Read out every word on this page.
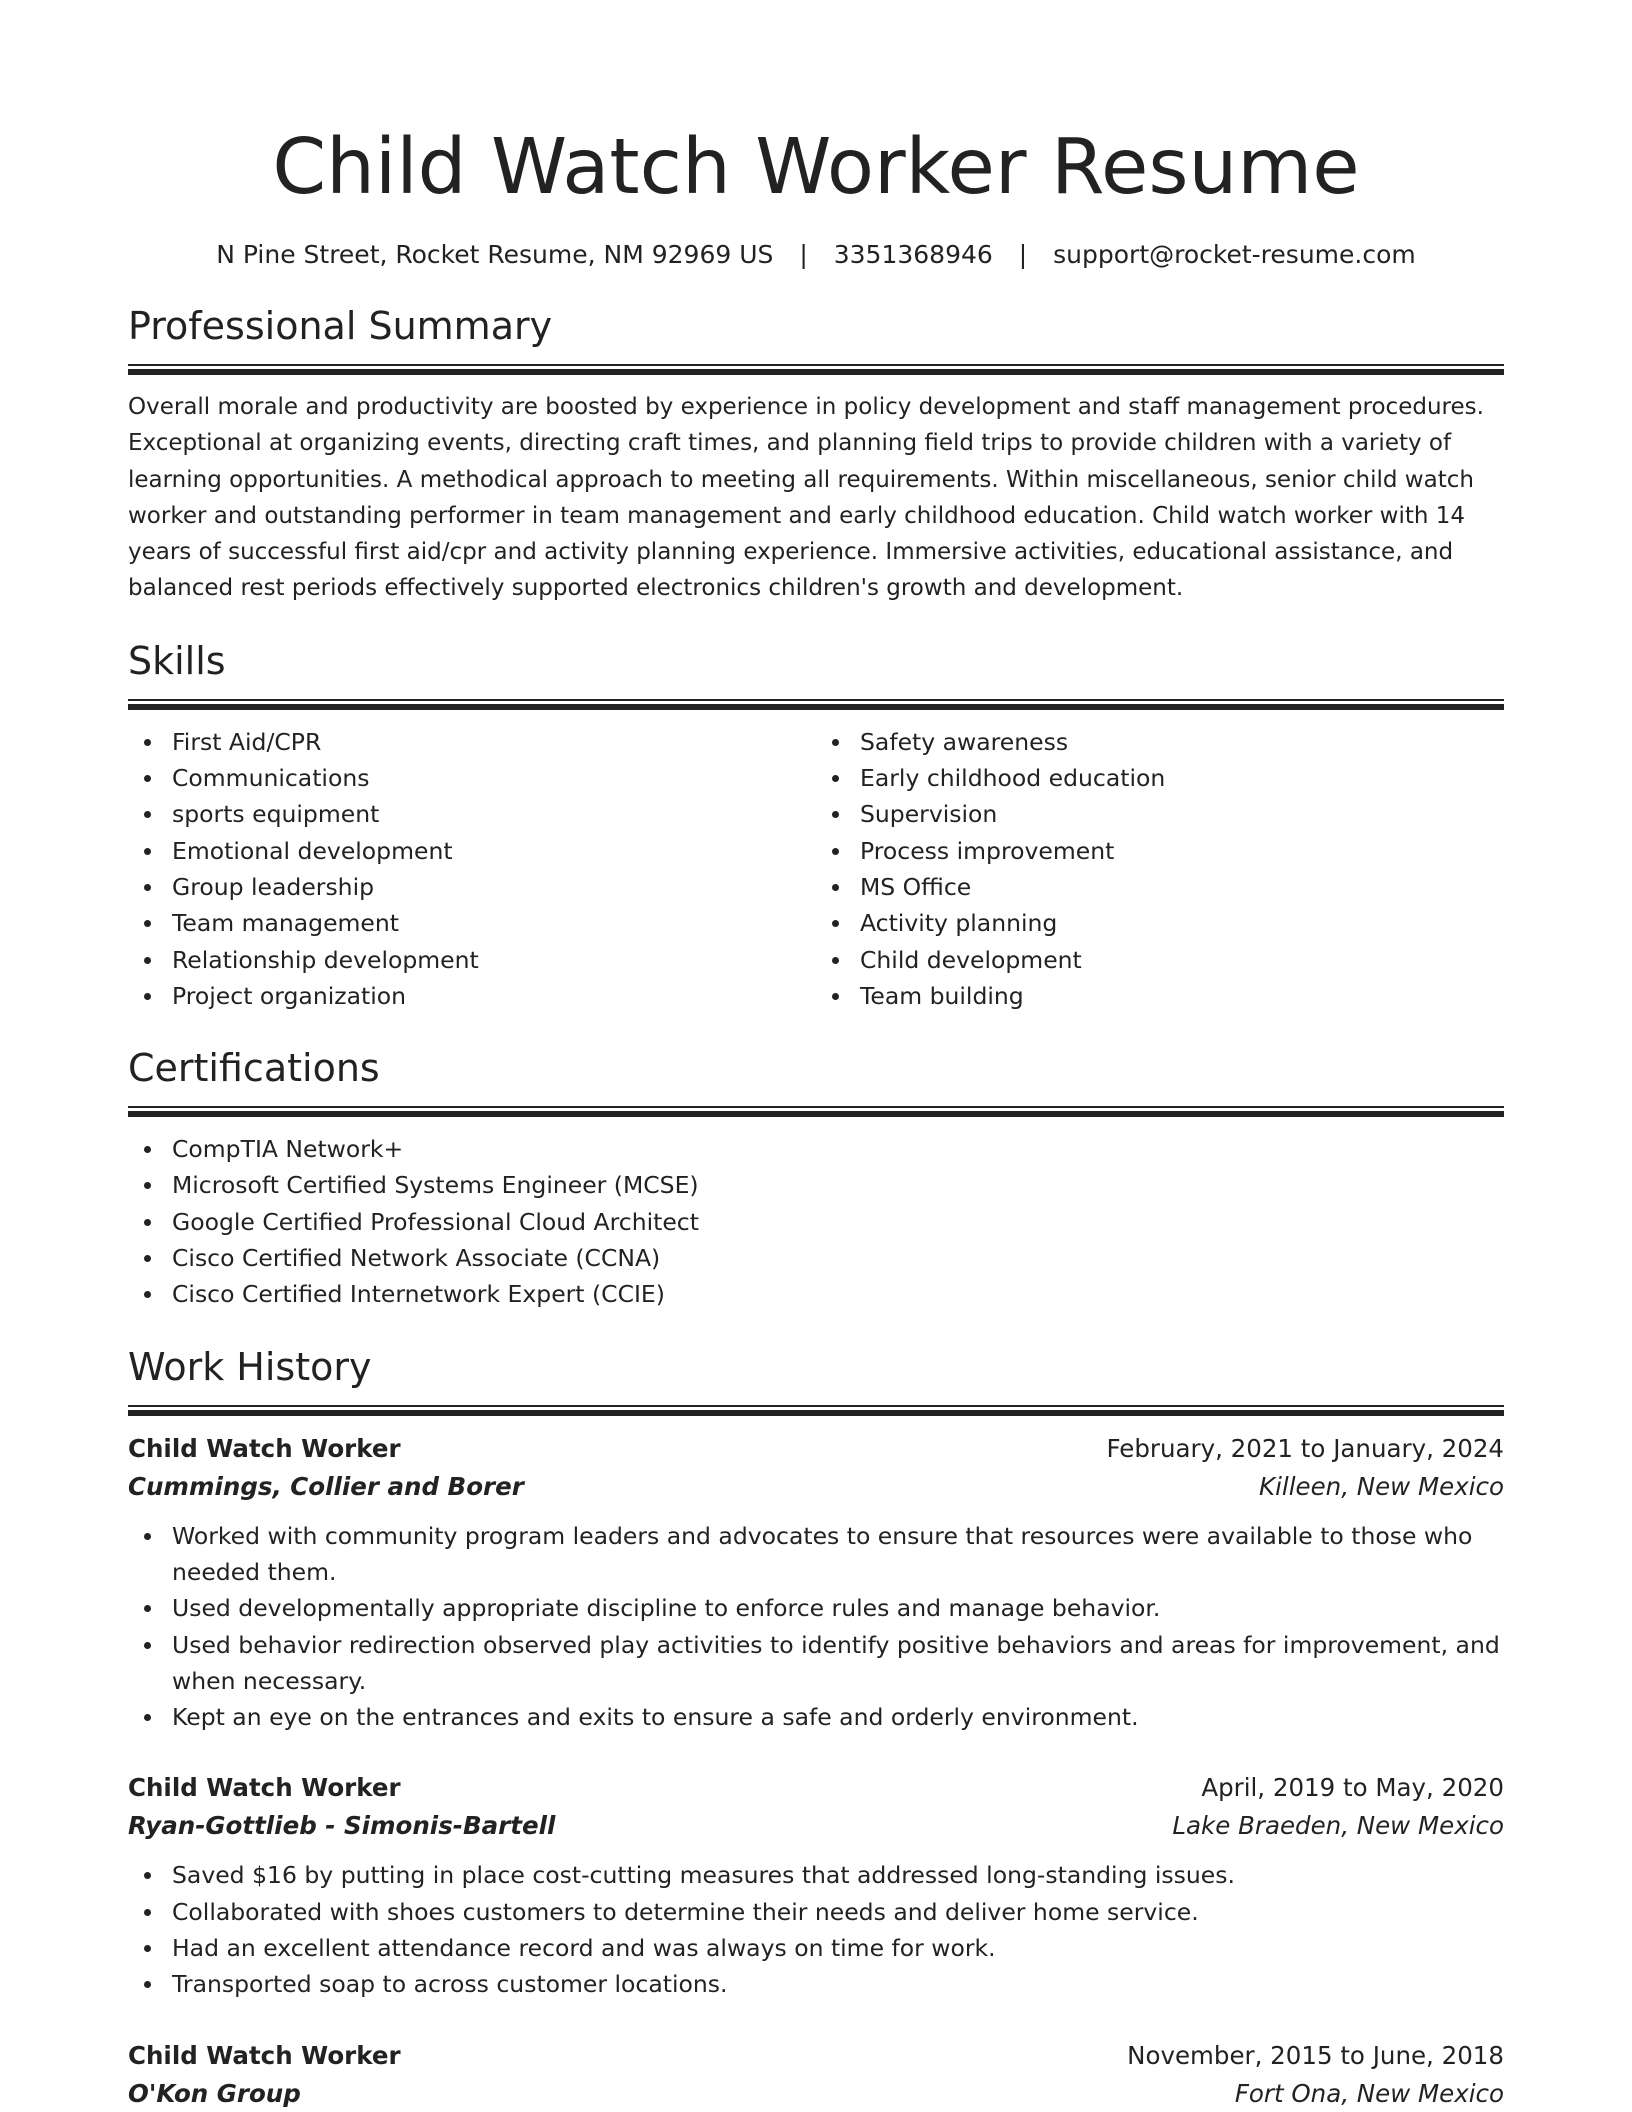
Child Watch Worker Resume
N Pine Street, Rocket Resume, NM 92969 US | 3351368946 | support@rocket-resume.com
Professional Summary

Overall morale and productivity are boosted by experience in policy development and staff management procedures. Exceptional at organizing events, directing craft times, and planning field trips to provide children with a variety of learning opportunities. A methodical approach to meeting all requirements. Within miscellaneous, senior child watch worker and outstanding performer in team management and early childhood education. Child watch worker with 14 years of successful first aid/cpr and activity planning experience. Immersive activities, educational assistance, and balanced rest periods effectively supported electronics children's growth and development.

Skills
First Aid/CPR
Communications
sports equipment
Emotional development
Group leadership
Team management
Relationship development
Project organization
Safety awareness
Early childhood education
Supervision
Process improvement
MS Office
Activity planning
Child development
Team building
Certifications
CompTIA Network+
Microsoft Certified Systems Engineer (MCSE)
Google Certified Professional Cloud Architect
Cisco Certified Network Associate (CCNA)
Cisco Certified Internetwork Expert (CCIE)
Work History
Child Watch Worker	February, 2021 to January, 2024
Cummings, Collier and Borer	Killeen, New Mexico
Worked with community program leaders and advocates to ensure that resources were available to those who needed them.
Used developmentally appropriate discipline to enforce rules and manage behavior.
Used behavior redirection observed play activities to identify positive behaviors and areas for improvement, and when necessary.
Kept an eye on the entrances and exits to ensure a safe and orderly environment.
Child Watch Worker	April, 2019 to May, 2020
Ryan-Gottlieb - Simonis-Bartell	Lake Braeden, New Mexico
Saved $16 by putting in place cost-cutting measures that addressed long-standing issues.
Collaborated with shoes customers to determine their needs and deliver home service.
Had an excellent attendance record and was always on time for work.
Transported soap to across customer locations.
Child Watch Worker	November, 2015 to June, 2018
O'Kon Group	Fort Ona, New Mexico
